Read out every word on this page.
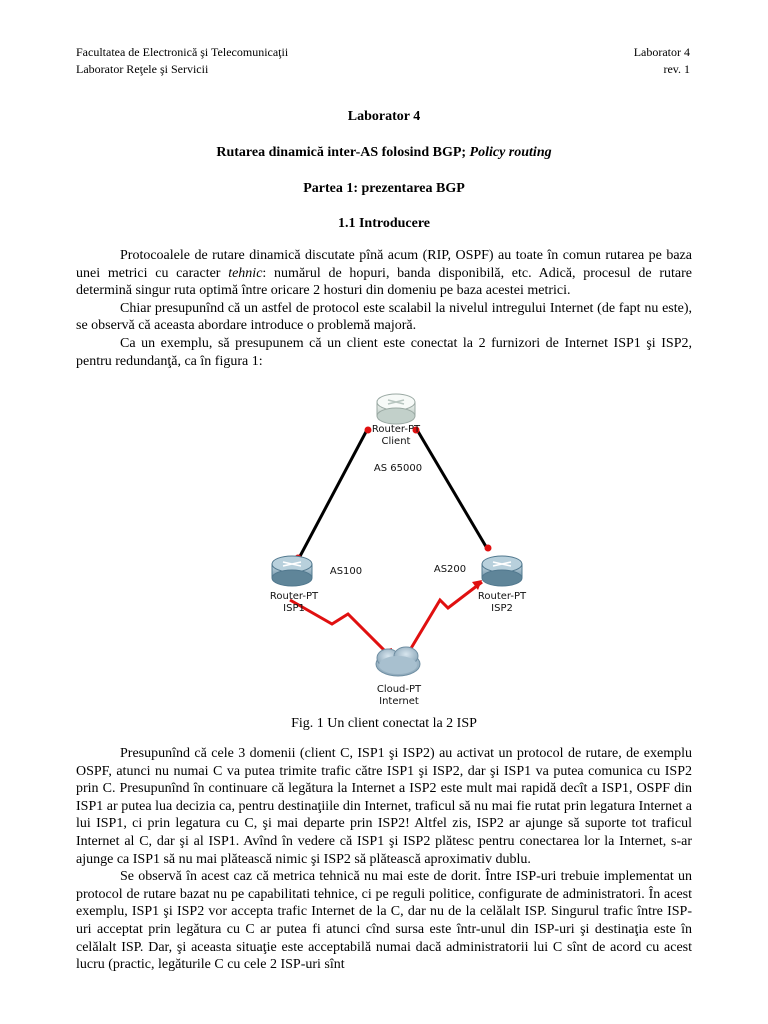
Facultatea de Electronică şi Telecomunicaţii
Laborator Reţele şi Servicii
Laborator 4
rev. 1
Laborator 4
Rutarea dinamică inter-AS folosind BGP; Policy routing
Partea 1: prezentarea BGP
1.1 Introducere

Protocoalele de rutare dinamică discutate pînă acum (RIP, OSPF) au toate în comun rutarea pe baza unei metrici cu caracter tehnic: numărul de hopuri, banda disponibilă, etc. Adică, procesul de rutare determină singur ruta optimă între oricare 2 hosturi din domeniu pe baza acestei metrici.

Chiar presupunînd că un astfel de protocol este scalabil la nivelul intregului Internet (de fapt nu este), se observă că aceasta abordare introduce o problemă majoră.

Ca un exemplu, să presupunem că un client este conectat la 2 furnizori de Internet ISP1 şi ISP2, pentru redundanţă, ca în figura 1:

Router-PT
Client
AS 65000
Router-PT
ISP1
AS100
Router-PT
ISP2
AS200
Cloud-PT
Internet
Fig. 1 Un client conectat la 2 ISP

Presupunînd că cele 3 domenii (client C, ISP1 şi ISP2) au activat un protocol de rutare, de exemplu OSPF, atunci nu numai C va putea trimite trafic către ISP1 şi ISP2, dar şi ISP1 va putea comunica cu ISP2 prin C. Presupunînd în continuare că legătura la Internet a ISP2 este mult mai rapidă decît a ISP1, OSPF din ISP1 ar putea lua decizia ca, pentru destinaţiile din Internet, traficul să nu mai fie rutat prin legatura Internet a lui ISP1, ci prin legatura cu C, şi mai departe prin ISP2! Altfel zis, ISP2 ar ajunge să suporte tot traficul Internet al C, dar şi al ISP1. Avînd în vedere că ISP1 şi ISP2 plătesc pentru conectarea lor la Internet, s-ar ajunge ca ISP1 să nu mai plătească nimic şi ISP2 să plătească aproximativ dublu.

Se observă în acest caz că metrica tehnică nu mai este de dorit. Între ISP-uri trebuie implementat un protocol de rutare bazat nu pe capabilitati tehnice, ci pe reguli politice, configurate de administratori. În acest exemplu, ISP1 şi ISP2 vor accepta trafic Internet de la C, dar nu de la celălalt ISP. Singurul trafic între ISP-uri acceptat prin legătura cu C ar putea fi atunci cînd sursa este într-unul din ISP-uri şi destinaţia este în celălalt ISP. Dar, şi aceasta situaţie este acceptabilă numai dacă administratorii lui C sînt de acord cu acest lucru (practic, legăturile C cu cele 2 ISP-uri sînt
